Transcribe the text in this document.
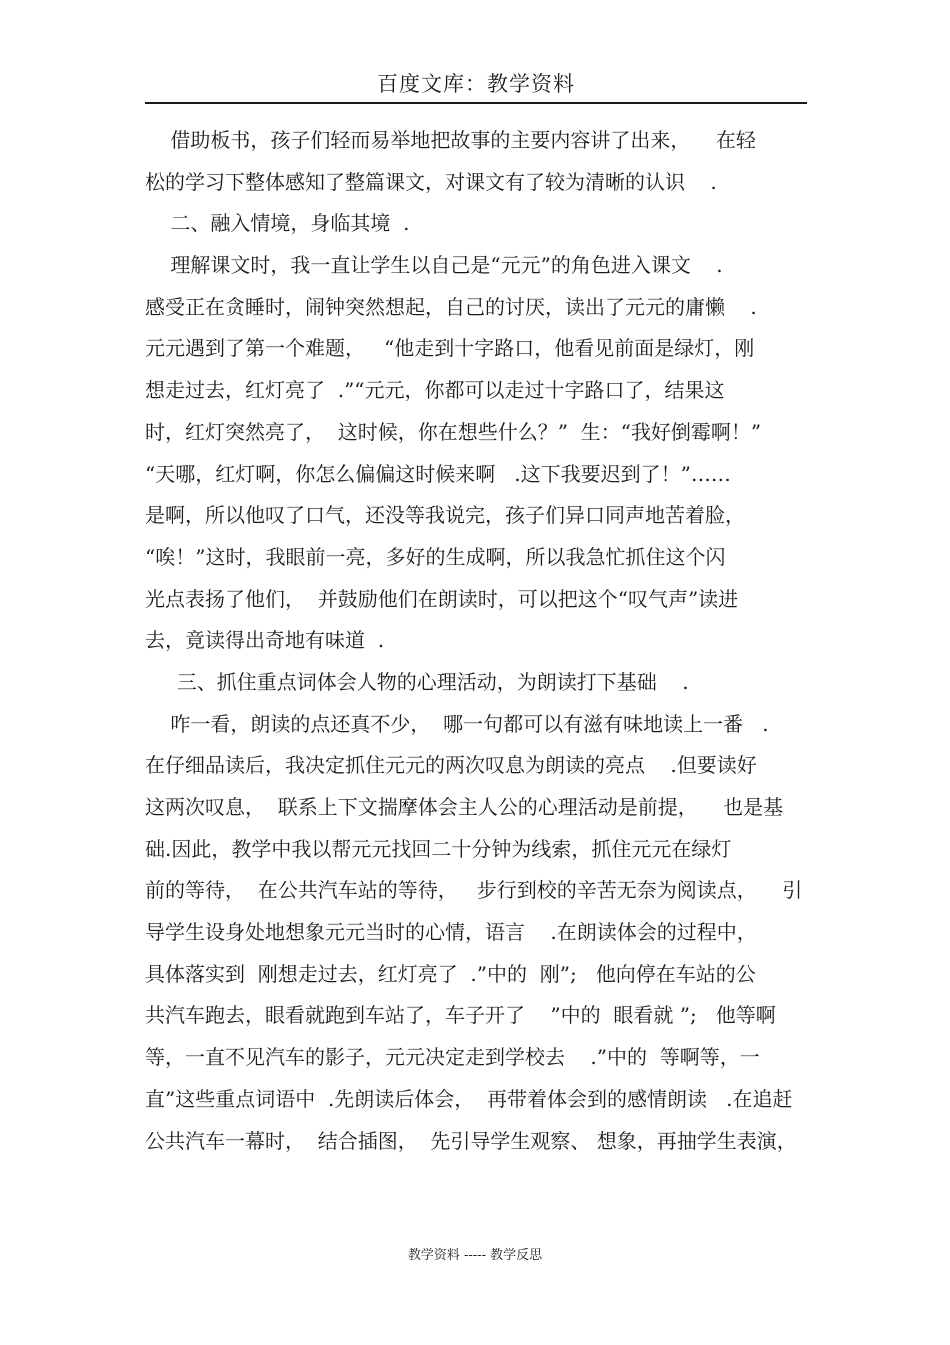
百度文库：教学资料
借助板书，孩子们轻而易举地把故事的主要内容讲了出来，    在轻
松的学习下整体感知了整篇课文，对课文有了较为清晰的认识    .
二、融入情境，身临其境  .
理解课文时，我一直让学生以自己是“元元”的角色进入课文    .
感受正在贪睡时，闹钟突然想起，自己的讨厌，读出了元元的庸懒    .
元元遇到了第一个难题，   “他走到十字路口，他看见前面是绿灯，刚
想走过去，红灯亮了  .”“元元，你都可以走过十字路口了，结果这
时，红灯突然亮了，  这时候，你在想些什么？”  生：“我好倒霉啊！”
“天哪，红灯啊，你怎么偏偏这时候来啊   .这下我要迟到了！”……
是啊，所以他叹了口气，还没等我说完，孩子们异口同声地苦着脸，
“唉！”这时，我眼前一亮，多好的生成啊，所以我急忙抓住这个闪
光点表扬了他们，  并鼓励他们在朗读时，可以把这个“叹气声”读进
去，竟读得出奇地有味道  .
三、抓住重点词体会人物的心理活动，为朗读打下基础    .
咋一看，朗读的点还真不少，  哪一句都可以有滋有味地读上一番   .
在仔细品读后，我决定抓住元元的两次叹息为朗读的亮点    .但要读好
这两次叹息，  联系上下文揣摩体会主人公的心理活动是前提，    也是基
础.因此，教学中我以帮元元找回二十分钟为线索，抓住元元在绿灯
前的等待，  在公共汽车站的等待，   步行到校的辛苦无奈为阅读点，    引
导学生设身处地想象元元当时的心情，语言    .在朗读体会的过程中，
具体落实到  刚想走过去，红灯亮了  .”中的  刚”;   他向停在车站的公
共汽车跑去，眼看就跑到车站了，车子开了    ”中的  眼看就 ”;   他等啊
等，一直不见汽车的影子，元元决定走到学校去    .”中的  等啊等，一
直”这些重点词语中  .先朗读后体会，  再带着体会到的感情朗读   .在追赶
公共汽车一幕时，  结合插图，  先引导学生观察、 想象，再抽学生表演，
教学资料 ----- 教学反思
